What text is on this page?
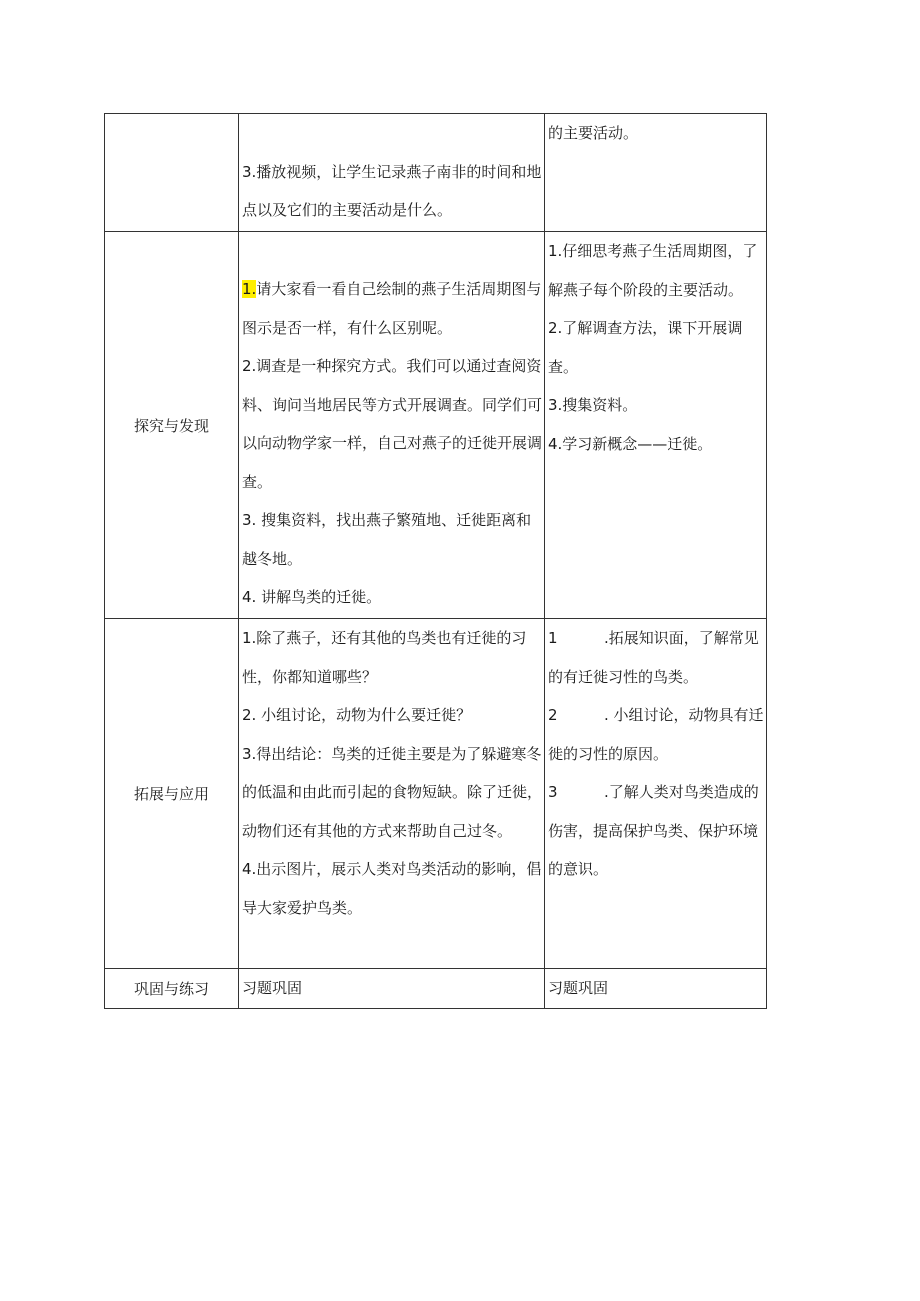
	3.播放视频，让学生记录燕子南非的时间和地点以及它们的主要活动是什么。	的主要活动。

探究与发现	1.请大家看一看自己绘制的燕子生活周期图与图示是否一样，有什么区别呢。
2.调查是一种探究方式。我们可以通过查阅资料、询问当地居民等方式开展调查。同学们可以向动物学家一样，自己对燕子的迁徙开展调查。
3. 搜集资料，找出燕子繁殖地、迁徙距离和越冬地。
4. 讲解鸟类的迁徙。	1.仔细思考燕子生活周期图，了解燕子每个阶段的主要活动。
2.了解调查方法，课下开展调查。
3.搜集资料。
4.学习新概念——迁徙。

拓展与应用	1.除了燕子，还有其他的鸟类也有迁徙的习性，你都知道哪些？
2. 小组讨论，动物为什么要迁徙？
3.得出结论：鸟类的迁徙主要是为了躲避寒冬的低温和由此而引起的食物短缺。除了迁徙，动物们还有其他的方式来帮助自己过冬。
4.出示图片，展示人类对鸟类活动的影响，倡导大家爱护鸟类。	1 .拓展知识面，了解常见的有迁徙习性的鸟类。
2 . 小组讨论，动物具有迁徙的习性的原因。
3 .了解人类对鸟类造成的伤害，提高保护鸟类、保护环境的意识。

巩固与练习	习题巩固	习题巩固
